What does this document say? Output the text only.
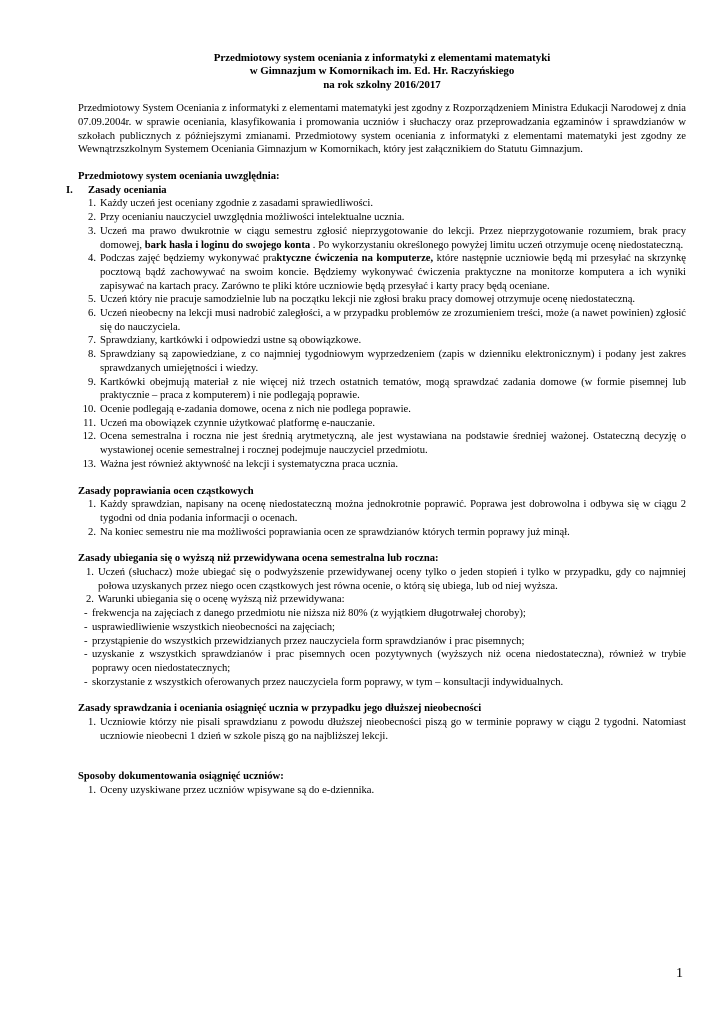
Przedmiotowy system oceniania z informatyki z elementami matematyki
w Gimnazjum w Komornikach im. Ed. Hr. Raczyńskiego
na rok szkolny 2016/2017
Przedmiotowy System Oceniania z informatyki z elementami matematyki jest zgodny z Rozporządzeniem Ministra Edukacji Narodowej z dnia 07.09.2004r. w sprawie oceniania, klasyfikowania i promowania uczniów i słuchaczy oraz przeprowadzania egzaminów i sprawdzianów w szkołach publicznych z późniejszymi zmianami. Przedmiotowy system oceniania z informatyki z elementami matematyki jest zgodny ze Wewnątrzszkolnym Systemem Oceniania Gimnazjum w Komornikach, który jest załącznikiem do Statutu Gimnazjum.
Przedmiotowy system oceniania uwzględnia:
I. Zasady oceniania
1. Każdy uczeń jest oceniany zgodnie z zasadami sprawiedliwości.
2. Przy ocenianiu nauczyciel uwzględnia możliwości intelektualne ucznia.
3. Uczeń ma prawo dwukrotnie w ciągu semestru zgłosić nieprzygotowanie do lekcji. Przez nieprzygotowanie rozumiem, brak pracy domowej, bark hasła i loginu do swojego konta . Po wykorzystaniu określonego powyżej limitu uczeń otrzymuje ocenę niedostateczną.
4. Podczas zajęć będziemy wykonywać praktyczne ćwiczenia na komputerze, które następnie uczniowie będą mi przesyłać na skrzynkę pocztową bądź zachowywać na swoim koncie. Będziemy wykonywać ćwiczenia praktyczne na monitorze komputera a ich wyniki zapisywać na kartach pracy. Zarówno te pliki które uczniowie będą przesyłać i karty pracy będą oceniane.
5. Uczeń który nie pracuje samodzielnie lub na początku lekcji nie zgłosi braku pracy domowej otrzymuje ocenę niedostateczną.
6. Uczeń nieobecny na lekcji musi nadrobić zaległości, a w przypadku problemów ze zrozumieniem treści, może (a nawet powinien) zgłosić się do nauczyciela.
7. Sprawdziany, kartkówki i odpowiedzi ustne są obowiązkowe.
8. Sprawdziany są zapowiedziane, z co najmniej tygodniowym wyprzedzeniem (zapis w dzienniku elektronicznym) i podany jest zakres sprawdzanych umiejętności i wiedzy.
9. Kartkówki obejmują materiał z nie więcej niż trzech ostatnich tematów, mogą sprawdzać zadania domowe (w formie pisemnej lub praktycznie – praca z komputerem) i nie podlegają poprawie.
10. Ocenie podlegają e-zadania domowe, ocena z nich nie podlega poprawie.
11. Uczeń ma obowiązek czynnie użytkować platformę e-nauczanie.
12. Ocena semestralna i roczna nie jest średnią arytmetyczną, ale jest wystawiana na podstawie średniej ważonej. Ostateczną decyzję o wystawionej ocenie semestralnej i rocznej podejmuje nauczyciel przedmiotu.
13. Ważna jest również aktywność na lekcji i systematyczna praca ucznia.
Zasady poprawiania ocen cząstkowych
1. Każdy sprawdzian, napisany na ocenę niedostateczną można jednokrotnie poprawić. Poprawa jest dobrowolna i odbywa się w ciągu 2 tygodni od dnia podania informacji o ocenach.
2. Na koniec semestru nie ma możliwości poprawiania ocen ze sprawdzianów których termin poprawy już minął.
Zasady ubiegania się o wyższą niż przewidywana ocena semestralna lub roczna:
1. Uczeń (słuchacz) może ubiegać się o podwyższenie przewidywanej oceny tylko o jeden stopień i tylko w przypadku, gdy co najmniej połowa uzyskanych przez niego ocen cząstkowych jest równa ocenie, o którą się ubiega, lub od niej wyższa.
2. Warunki ubiegania się o ocenę wyższą niż przewidywana:
- frekwencja na zajęciach z danego przedmiotu nie niższa niż 80% (z wyjątkiem długotrwałej choroby);
- usprawiedliwienie wszystkich nieobecności na zajęciach;
- przystąpienie do wszystkich przewidzianych przez nauczyciela form sprawdzianów i prac pisemnych;
- uzyskanie z wszystkich sprawdzianów i prac pisemnych ocen pozytywnych (wyższych niż ocena niedostateczna), również w trybie poprawy ocen niedostatecznych;
- skorzystanie z wszystkich oferowanych przez nauczyciela form poprawy, w tym – konsultacji indywidualnych.
Zasady sprawdzania i oceniania osiągnięć ucznia w przypadku jego dłuższej nieobecności
1. Uczniowie którzy nie pisali sprawdzianu z powodu dłuższej nieobecności piszą go w terminie poprawy w ciągu 2 tygodni. Natomiast uczniowie nieobecni 1 dzień w szkole piszą go na najbliższej lekcji.
Sposoby dokumentowania osiągnięć uczniów:
1. Oceny uzyskiwane przez uczniów wpisywane są do e-dziennika.
1
